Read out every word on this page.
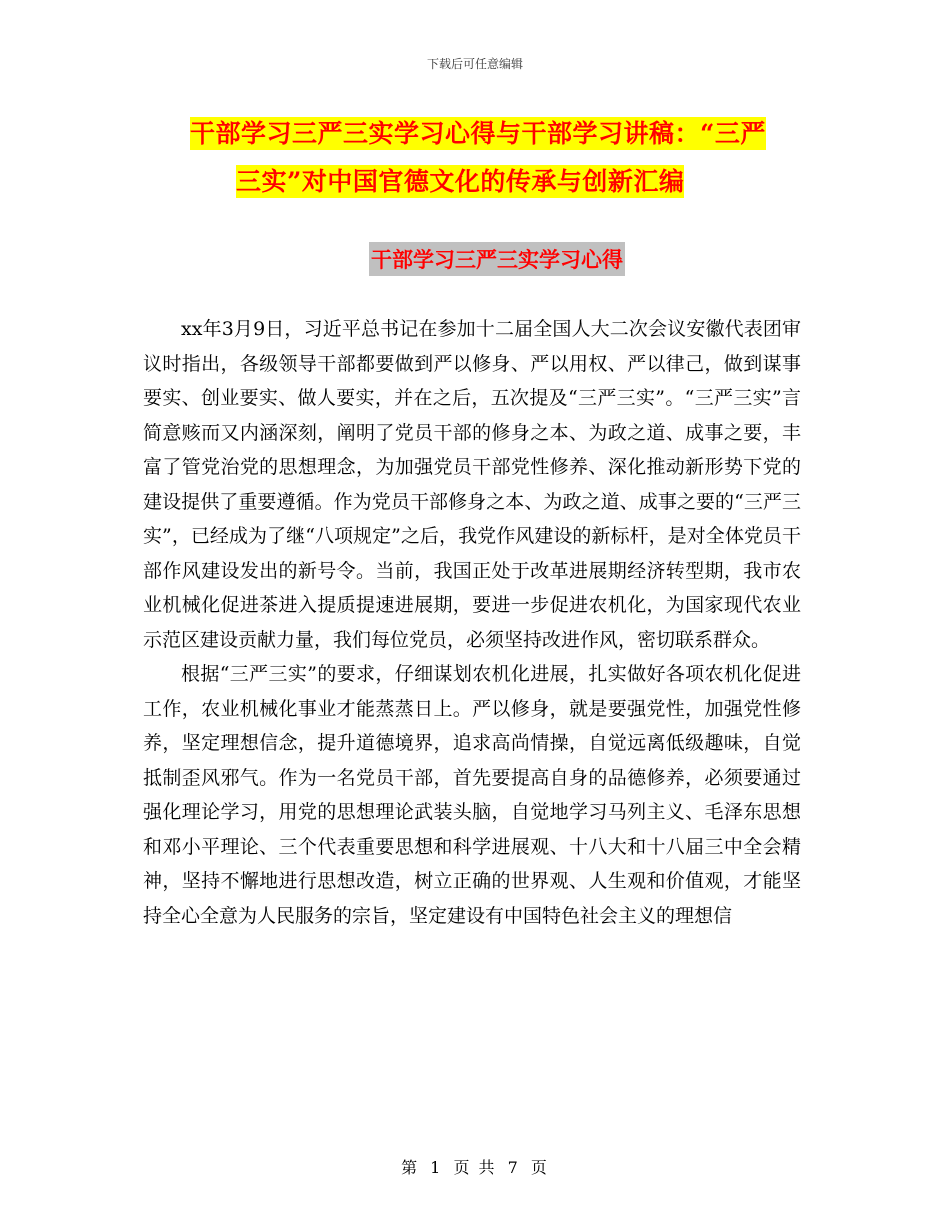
下载后可任意编辑
干部学习三严三实学习心得与干部学习讲稿：“三严
三实”对中国官德文化的传承与创新汇编
干部学习三严三实学习心得

xx年3月9日，习近平总书记在参加十二届全国人大二次会议安徽代表团审议时指出，各级领导干部都要做到严以修身、严以用权、严以律己，做到谋事要实、创业要实、做人要实，并在之后，五次提及“三严三实”。“三严三实”言简意赅而又内涵深刻，阐明了党员干部的修身之本、为政之道、成事之要，丰富了管党治党的思想理念，为加强党员干部党性修养、深化推动新形势下党的建设提供了重要遵循。作为党员干部修身之本、为政之道、成事之要的“三严三实”，已经成为了继“八项规定”之后，我党作风建设的新标杆，是对全体党员干部作风建设发出的新号令。当前，我国正处于改革进展期经济转型期，我市农业机械化促进茶进入提质提速进展期，要进一步促进农机化，为国家现代农业示范区建设贡献力量，我们每位党员，必须坚持改进作风，密切联系群众。

根据“三严三实”的要求，仔细谋划农机化进展，扎实做好各项农机化促进工作，农业机械化事业才能蒸蒸日上。严以修身，就是要强党性，加强党性修养，坚定理想信念，提升道德境界，追求高尚情操，自觉远离低级趣味，自觉抵制歪风邪气。作为一名党员干部，首先要提高自身的品德修养，必须要通过强化理论学习，用党的思想理论武装头脑，自觉地学习马列主义、毛泽东思想和邓小平理论、三个代表重要思想和科学进展观、十八大和十八届三中全会精神，坚持不懈地进行思想改造，树立正确的世界观、人生观和价值观，才能坚持全心全意为人民服务的宗旨，坚定建设有中国特色社会主义的理想信

第 1 页 共 7 页
